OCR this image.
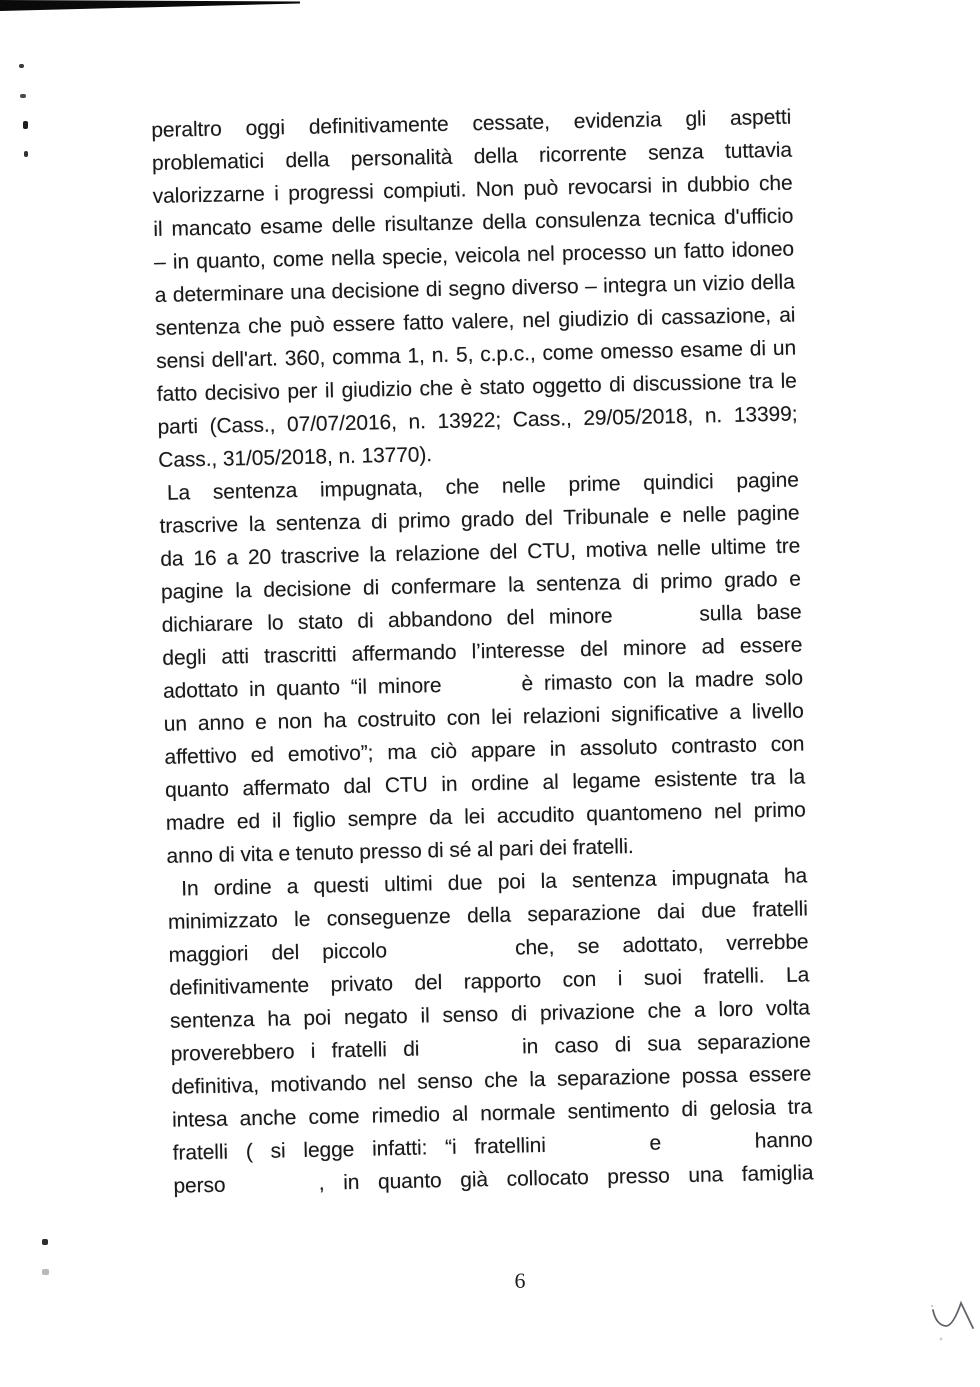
peraltro oggi definitivamente cessate, evidenzia gli aspetti
problematici della personalità della ricorrente senza tuttavia
valorizzarne i progressi compiuti. Non può revocarsi in dubbio che
il mancato esame delle risultanze della consulenza tecnica d'ufficio
– in quanto, come nella specie, veicola nel processo un fatto idoneo
a determinare una decisione di segno diverso – integra un vizio della
sentenza che può essere fatto valere, nel giudizio di cassazione, ai
sensi dell'art. 360, comma 1, n. 5, c.p.c., come omesso esame di un
fatto decisivo per il giudizio che è stato oggetto di discussione tra le
parti (Cass., 07/07/2016, n. 13922; Cass., 29/05/2018, n. 13399;
Cass., 31/05/2018, n. 13770).
La sentenza impugnata, che nelle prime quindici pagine
trascrive la sentenza di primo grado del Tribunale e nelle pagine
da 16 a 20 trascrive la relazione del CTU, motiva nelle ultime tre
pagine la decisione di confermare la sentenza di primo grado e
dichiarare lo stato di abbandono del minore	sulla base
degli atti trascritti affermando l’interesse del minore ad essere
adottato in quanto “il minore	è rimasto con la madre solo
un anno e non ha costruito con lei relazioni significative a livello
affettivo ed emotivo”; ma ciò appare in assoluto contrasto con
quanto affermato dal CTU in ordine al legame esistente tra la
madre ed il figlio sempre da lei accudito quantomeno nel primo
anno di vita e tenuto presso di sé al pari dei fratelli.
In ordine a questi ultimi due poi la sentenza impugnata ha
minimizzato le conseguenze della separazione dai due fratelli
maggiori del piccolo	che, se adottato, verrebbe
definitivamente privato del rapporto con i suoi fratelli. La
sentenza ha poi negato il senso di privazione che a loro volta
proverebbero i fratelli di	in caso di sua separazione
definitiva, motivando nel senso che la separazione possa essere
intesa anche come rimedio al normale sentimento di gelosia tra
fratelli ( si legge infatti: “i fratellini	e	hanno
perso	, in quanto già collocato presso una famiglia
6
